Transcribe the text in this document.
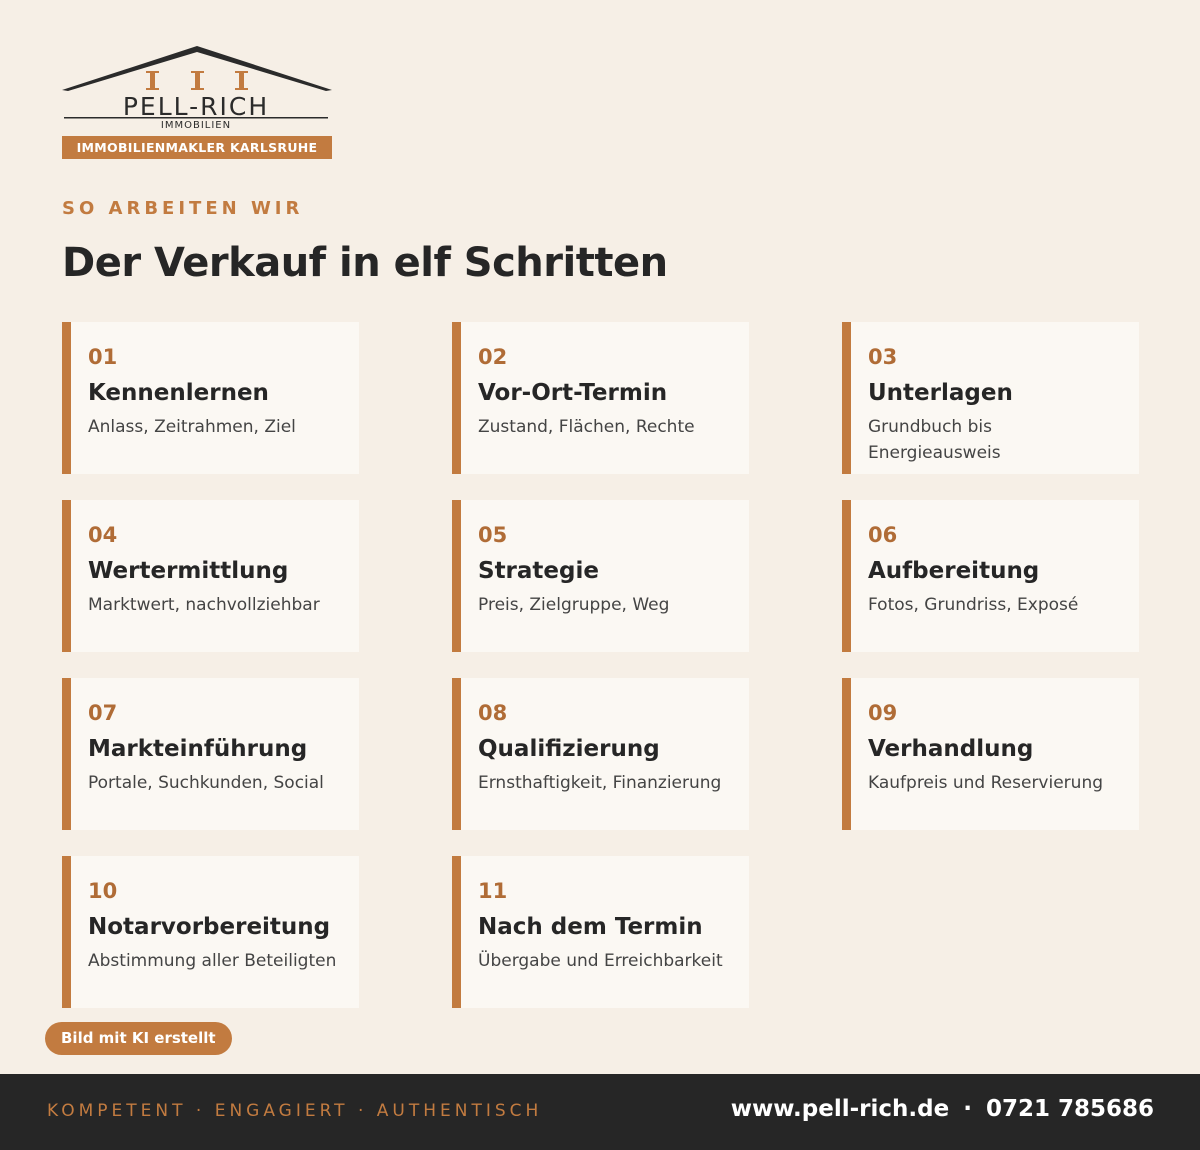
PELL-RICH
IMMOBILIEN
IMMOBILIENMAKLER KARLSRUHE
SO ARBEITEN WIR
Der Verkauf in elf Schritten
01
Kennenlernen
Anlass, Zeitrahmen, Ziel
02
Vor-Ort-Termin
Zustand, Flächen, Rechte
03
Unterlagen
Grundbuch bis Energieausweis
04
Wertermittlung
Marktwert, nachvollziehbar
05
Strategie
Preis, Zielgruppe, Weg
06
Aufbereitung
Fotos, Grundriss, Exposé
07
Markteinführung
Portale, Suchkunden, Social
08
Qualifizierung
Ernsthaftigkeit, Finanzierung
09
Verhandlung
Kaufpreis und Reservierung
10
Notarvorbereitung
Abstimmung aller Beteiligten
11
Nach dem Termin
Übergabe und Erreichbarkeit
Bild mit KI erstellt
KOMPETENT · ENGAGIERT · AUTHENTISCH	www.pell-rich.de · 0721 785686
